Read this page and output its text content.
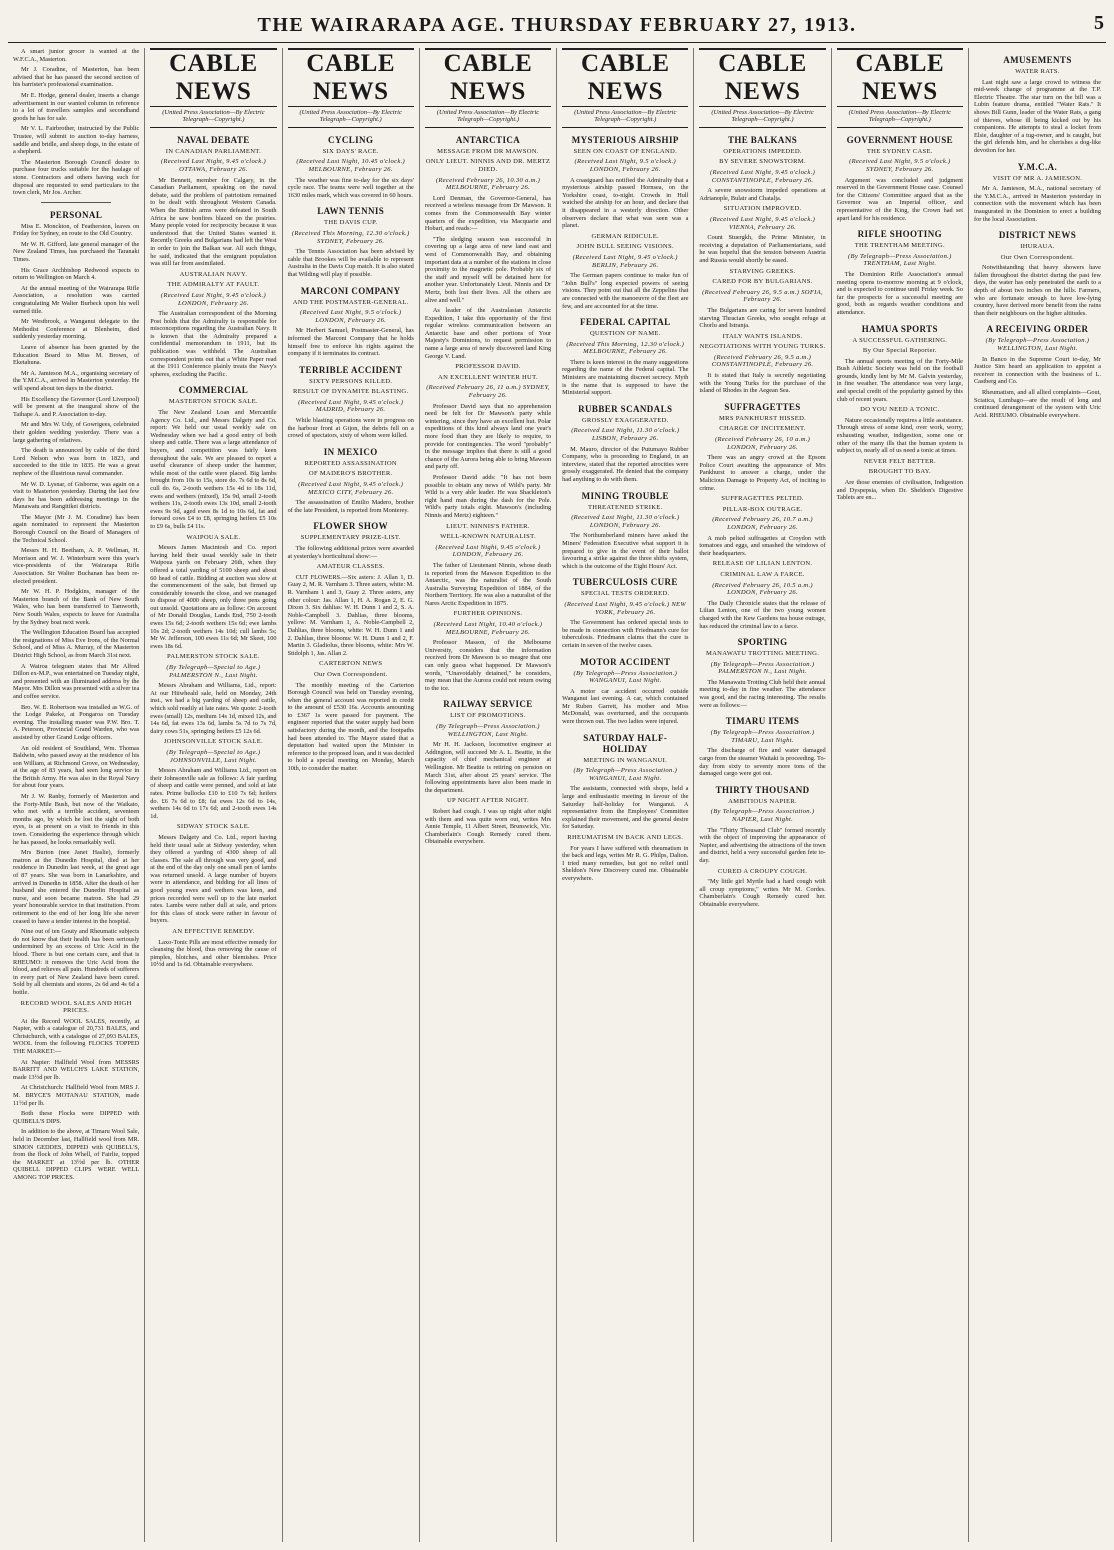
THE WAIRARAPA AGE. THURSDAY FEBRUARY 27, 1913.	5

A smart junior grocer is wanted at the W.F.C.A., Masterton.

Mr J. Coradine, of Masterton, has been advised that he has passed the second section of his barrister's professional examination.

Mr E. Hodge, general dealer, inserts a change advertisement in our wanted column in reference to a lot of travellers samples and secondhand goods he has for sale.

Mr V. L. Fairbrother, instructed by the Public Trustee, will submit to auction to-day harness, saddle and bridle, and sheep dogs, in the estate of a shepherd.

The Masterton Borough Council desire to purchase four trucks suitable for the haulage of stone. Contractors and others having such for disposal are requested to send particulars to the town clerk, Mr Jos. Archer.

PERSONAL

Miss E. Monckton, of Featherston, leaves on Friday for Sydney, en route to the Old Country.

Mr W. H. Gifford, late general manager of the New Zealand Times, has purchased the Taranaki Times.

His Grace Archbishop Redwood expects to return to Wellington on March 4.

At the annual meeting of the Wairarapa Rifle Association, a resolution was carried congratulating Mr Walter Burbeck upon his well earned title.

Mr Westbrook, a Wanganui delegate to the Methodist Conference at Blenheim, died suddenly yesterday morning.

Leave of absence has been granted by the Education Board to Miss M. Brown, of Eketahuna.

Mr A. Jamieson M.A., organising secretary of the Y.M.C.A., arrived in Masterton yesterday. He will spend about ten days in the district.

His Excellency the Governor (Lord Liverpool) will be present at the inaugural show of the Taihape A. and P. Association to-day.

Mr and Mrs W. Udy, of Gowrigees, celebrated their golden wedding yesterday. There was a large gathering of relatives.

The death is announced by cable of the third Lord Nelson who was born in 1823, and succeeded to the title in 1835. He was a great nephew of the illustrious naval commander.

Mr W. D. Lysnar, of Gisborne, was again on a visit to Masterton yesterday. During the last few days he has been addressing meetings in the Manawatu and Rangitikei districts.

The Mayor (Mr J. M. Coradine) has been again nominated to represent the Masterton Borough Council on the Board of Managers of the Technical School.

Messrs H. H. Beetham, A. P. Wellman, H. Morrison and W. J. Winterburn were this year's vice-presidents of the Wairarapa Rifle Association. Sir Walter Buchanan has been re-elected president.

Mr W. H. P. Hodgkins, manager of the Masterton branch of the Bank of New South Wales, who has been transferred to Tamworth, New South Wales, expects to leave for Australia by the Sydney boat next week.

The Wellington Education Board has accepted the resignations of Miss Eve Irons, of the Normal School, and of Miss A. Murray, of the Masterton District High School, as from March 31st next.

A Wairoa telegram states that Mr Alfred Dillon ex-M.P., was entertained on Tuesday night, and presented with an illuminated address by the Mayor. Mrs Dillon was presented with a silver tea and coffee service.

Bro. W. E. Robertson was installed as W.G. of the Lodge Pakeke, at Pongaroa on Tuesday evening. The installing master was P.W. Bro. T. A. Peterson, Provincial Grand Warden, who was assisted by other Grand Lodge officers.

An old resident of Southland, Wm. Thomas Baldwin, who passed away at the residence of his son William, at Richmond Grove, on Wednesday, at the age of 83 years, had seen long service in the British Army. He was also in the Royal Navy for about four years.

Mr J. W. Ranby, formerly of Masterton and the Forty-Mile Bush, but now of the Waikato, who met with a terrible accident, seventeen months ago, by which he lost the sight of both eyes, is at present on a visit to friends in this town. Considering the experience through which he has passed, he looks remarkably well.

Mrs Burton (nee Janet Haslie), formerly matron at the Dunedin Hospital, died at her residence in Dunedin last week, at the great age of 87 years. She was born in Lanarkshire, and arrived in Dunedin in 1858. After the death of her husband she entered the Dunedin Hospital as nurse, and soon became matron. She had 29 years' honourable service in that institution. From retirement to the end of her long life she never ceased to have a tender interest in the hospital.

Nine out of ten Gouty and Rheumatic subjects do not know that their health has been seriously undermined by an excess of Uric Acid in the blood. There is but one certain cure, and that is RHEUMO: it removes the Uric Acid from the blood, and relieves all pain. Hundreds of sufferers in every part of New Zealand have been cured. Sold by all chemists and stores, 2s 6d and 4s 6d a bottle.

RECORD WOOL SALES AND HIGH PRICES.

At the Record WOOL SALES, recently, at Napier, with a catalogue of 20,731 BALES, and Christchurch, with a catalogue of 27,093 BALES, WOOL from the following FLOCKS TOPPED THE MARKET:—

At Napier: Hallfield Wool from MESSRS BARRITT AND WELCH'S LAKE STATION, made 13½d per lb.

At Christchurch: Hallfield Wool from MRS J. M. BRYCE'S MOTANAU STATION, made 11½d per lb.

Both these Flocks were DIPPED with QUIBELL'S DIPS.

In addition to the above, at Timaru Wool Sale, held in December last, Hallfield wool from MR. SIMON GEDDES, DIPPED with QUIBELL'S, from the flock of John Whell, of Fairlie, topped the MARKET at 13½d per lb. OTHER QUIBELL DIPPED CLIPS WERE WELL AMONG TOP PRICES.

CABLE NEWS
(United Press Association—By Electric Telegraph—Copyright.)
NAVAL DEBATE
IN CANADIAN PARLIAMENT.
(Received Last Night, 9.45 o'clock.) OTTAWA, February 26.

Mr Bennett, member for Calgary, in the Canadian Parliament, speaking on the naval debate, said the problem of patriotism remained to be dealt with throughout Western Canada. When the British arms were defeated in South Africa he saw bonfires blazed on the prairies. Many people voted for reciprocity because it was understood that the United States wanted it. Recently Greeks and Bulgarians had left the West in order to join the Balkan war. All such things, he said, indicated that the emigrant population was still far from assimilated.

AUSTRALIAN NAVY.
THE ADMIRALTY AT FAULT.
(Received Last Night, 9.45 o'clock.) LONDON, February 26.

The Australian correspondent of the Morning Post holds that the Admiralty is responsible for misconceptions regarding the Australian Navy. It is known that the Admiralty prepared a confidential memorandum in 1911, but its publication was withheld. The Australian correspondent points out that a White Paper read at the 1911 Conference plainly treats the Navy's spheres, excluding the Pacific.

COMMERCIAL
MASTERTON STOCK SALE.

The New Zealand Loan and Mercantile Agency Co. Ltd., and Messrs Dalgety and Co. report: We held our usual weekly sale on Wednesday when we had a good entry of both sheep and cattle. There was a large attendance of buyers, and competition was fairly keen throughout the sale. We are pleased to report a useful clearance of sheep under the hammer, while most of the cattle were placed. Big lambs brought from 10s to 15s, store do. 7s 6d to 8s 6d, cull do. 6s, 2-tooth wethers 15s 4d to 18s 11d, ewes and wethers (mixed), 15s 9d, small 2-tooth wethers 11s, 2-tooth ewes 13s 10d, small 2-tooth ewes 9s 9d, aged ewes 8s 1d to 10s 6d, fat and forward cows £4 to £8, springing heifers £5 10s to £9 6s, bulls £4 11s.

WAIPOUA SALE.

Messrs James Macintosh and Co. report having held their usual weekly sale in their Waipoua yards on February 26th, when they offered a total yarding of 5100 sheep and about 60 head of cattle. Bidding at auction was slow at the commencement of the sale, but firmed up considerably towards the close, and we managed to dispose of 4000 sheep, only three pens going out unsold. Quotations are as follow: On account of Mr Donald Douglas, Lands End, 750 2-tooth ewes 15s 6d; 2-tooth wethers 15s 6d; ewe lambs 10s 2d; 2-tooth wethers 14s 10d; cull lambs 5s; Mr W. Jefferson, 100 ewes 11s 6d; Mr Skeet, 100 ewes 18s 6d.

PALMERSTON STOCK SALE.
(By Telegraph—Special to Age.) PALMERSTON N., Last Night.

Messrs Abraham and Williams, Ltd., report: At our Hiiwheald sale, held on Monday, 24th inst., we had a big yarding of sheep and cattle, which sold readily at late rates. We quote: 2-tooth ewes (small) 12s, medium 14s 1d, mixed 12s, and 14s 6d, fat ewes 13s 6d, lambs 5s 7d to 7s 7d, dairy cows 51s, springing heifers £5 12s 6d.

JOHNSONVILLE STOCK SALE.
(By Telegraph—Special to Age.) JOHNSONVILLE, Last Night.

Messrs Abraham and Williams Ltd., report on their Johnsonville sale as follows: A fair yarding of sheep and cattle were penned, and sold at late rates. Prime bullocks £10 to £10 7s 6d; heifers do. £6 7s 6d to £8; fat ewes 12s 6d to 14s, wethers 14s 6d to 17s 6d; and 2-tooth ewes 14s 1d.

SIDWAY STOCK SALE.

Messrs Dalgety and Co. Ltd., report having held their usual sale at Sidway yesterday, when they offered a yarding of 4300 sheep of all classes. The sale all through was very good, and at the end of the day only one small pen of lambs was returned unsold. A large number of buyers were in attendance, and bidding for all lines of good young ewes and wethers was keen, and prices recorded were well up to the late market rates. Lambs were rather dull at sale, and prices for this class of stock were rather in favour of buyers.

AN EFFECTIVE REMEDY.

Laxo-Tonic Pills are most effective remedy for cleansing the blood, thus removing the cause of pimples, blotches, and other blemishes. Price 10½d and 1s 6d. Obtainable everywhere.

CABLE NEWS
(United Press Association—By Electric Telegraph—Copyright.)
CYCLING
SIX DAYS' RACE.
(Received Last Night, 10.45 o'clock.) MELBOURNE, February 26.

The weather was fine to-day for the six days' cycle race. The teams were well together at the 1630 miles mark, which was covered in 60 hours.

LAWN TENNIS
THE DAVIS CUP.
(Received This Morning, 12.30 o'clock.) SYDNEY, February 26.

The Tennis Association has been advised by cable that Brookes will be available to represent Australia in the Davis Cup match. It is also stated that Wilding will play if possible.

MARCONI COMPANY
AND THE POSTMASTER-GENERAL.
(Received Last Night, 9.5 o'clock.) LONDON, February 26.

Mr Herbert Samuel, Postmaster-General, has informed the Marconi Company that he holds himself free to enforce his rights against the company if it terminates its contract.

TERRIBLE ACCIDENT
SIXTY PERSONS KILLED.
RESULT OF DYNAMITE BLASTING.
(Received Last Night, 9.45 o'clock.) MADRID, February 26.

While blasting operations were in progress on the harbour front at Gijon, the debris fell on a crowd of spectators, sixty of whom were killed.

IN MEXICO
REPORTED ASSASSINATION
OF MADERO'S BROTHER.
(Received Last Night, 9.45 o'clock.) MEXICO CITY, February 26.

The assassination of Emilio Madero, brother of the late President, is reported from Monterey.

FLOWER SHOW
SUPPLEMENTARY PRIZE-LIST.

The following additional prizes were awarded at yesterday's horticultural show:—

AMATEUR CLASSES.

CUT FLOWERS.—Six asters: J. Allan 1, D. Guay 2, M. R. Varnham 3. Three asters, white: M. R. Varnham 1 and 3, Guay 2. Three asters, any other colour: Jas. Allan 1, H. A. Rogan 2, E. G. Dixon 3. Six dahlias: W. H. Dunn 1 and 2, S. A. Noble-Campbell 3. Dahlias, three blooms, yellow: M. Varnham 1, A. Noble-Campbell 2, Dahlias, three blooms, white: W. H. Dunn 1 and 2. Dahlias, three blooms: W. H. Dunn 1 and 2, F. Martin 3. Gladiolus, three blooms, white: Mrs W. Stidolph 1, Jas. Allan 2.

CARTERTON NEWS
Our Own Correspondent.

The monthly meeting of the Carterton Borough Council was held on Tuesday evening, when the general account was reported in credit to the amount of £530 16s. Accounts amounting to £367 1s were passed for payment. The engineer reported that the water supply had been satisfactory during the month, and the footpaths had been attended to. The Mayor stated that a deputation had waited upon the Minister in reference to the proposed loan, and it was decided to hold a special meeting on Monday, March 10th, to consider the matter.

CABLE NEWS
(United Press Association—By Electric Telegraph—Copyright.)
ANTARCTICA
MESSAGE FROM DR MAWSON.
ONLY LIEUT. NINNIS AND DR. MERTZ DIED.
(Received February 26, 10.30 a.m.) MELBOURNE, February 26.

Lord Denman, the Governor-General, has received a wireless message from Dr Mawson. It comes from the Commonwealth Bay winter quarters of the expedition, via Macquarie and Hobart, and reads:—

"The sledging season was successful in covering up a large area of new land east and west of Commonwealth Bay, and obtaining important data at a number of the stations in close proximity to the magnetic pole. Probably six of the staff and myself will be detained here for another year. Unfortunately Lieut. Ninnis and Dr Mertz, both lost their lives. All the others are alive and well."

As leader of the Australasian Antarctic Expedition, I take this opportunity of the first regular wireless communication between an Antarctic base and other portions of Your Majesty's Dominions, to request permission to name a large area of newly discovered land King George V. Land.

PROFESSOR DAVID.
AN EXCELLENT WINTER HUT.
(Received February 26, 11 a.m.) SYDNEY, February 26.

Professor David says that no apprehension need be felt for Dr Mawson's party while wintering, since they have an excellent hut. Polar expeditions of this kind always land one year's more food than they are likely to require, to provide for contingencies. The word "probably" in the message implies that there is still a good chance of the Aurora being able to bring Mawson and party off.

Professor David adds: "It has not been possible to obtain any news of Wild's party. Mr Wild is a very able leader. He was Shackleton's right hand man during the dash for the Pole. Wild's party totals eight. Mawson's (including Ninnis and Mertz) eighteen."

LIEUT. NINNIS'S FATHER.
WELL-KNOWN NATURALIST.
(Received Last Night, 9.45 o'clock.) LONDON, February 26.

The father of Lieutenant Ninnis, whose death is reported from the Mawson Expedition to the Antarctic, was the naturalist of the South Australia Surveying Expedition of 1884, of the Northern Territory. He was also a naturalist of the Nares Arctic Expedition in 1875.

FURTHER OPINIONS.
(Received Last Night, 10.40 o'clock.) MELBOURNE, February 26.

Professor Masson, of the Melbourne University, considers that the information received from Dr Mawson is so meagre that one can only guess what happened. Dr Mawson's words, "Unavoidably detained," he considers, may mean that the Aurora could not return owing to the ice.

RAILWAY SERVICE
LIST OF PROMOTIONS.
(By Telegraph—Press Association.) WELLINGTON, Last Night.

Mr H. H. Jackson, locomotive engineer at Addington, will succeed Mr A. L. Beattie, in the capacity of chief mechanical engineer at Wellington. Mr Beattie is retiring on pension on March 31st, after about 25 years' service. The following appointments have also been made in the department.

UP NIGHT AFTER NIGHT.

Robert had cough. I was up night after night with them and was quite worn out, writes Mrs Annie Temple, 11 Albert Street, Brunswick, Vic. Chamberlain's Cough Remedy cured them. Obtainable everywhere.

CABLE NEWS
(United Press Association—By Electric Telegraph—Copyright.)
MYSTERIOUS AIRSHIP
SEEN ON COAST OF ENGLAND.
(Received Last Night, 9.5 o'clock.) LONDON, February 26.

A coastguard has notified the Admiralty that a mysterious airship passed Hornsea, on the Yorkshire coast, to-night. Crowds in Hull watched the airship for an hour, and declare that it disappeared in a westerly direction. Other observers declare that what was seen was a planet.

GERMAN RIDICULE.
JOHN BULL SEEING VISIONS.
(Received Last Night, 9.45 o'clock.) BERLIN, February 26.

The German papers continue to make fun of "John Bull's" long expected powers of seeing visions. They point out that all the Zeppelins that are connected with the manoeuvre of the fleet are few, and are accounted for at the time.

FEDERAL CAPITAL
QUESTION OF NAME.
(Received This Morning, 12.30 o'clock.) MELBOURNE, February 26.

There is keen interest in the many suggestions regarding the name of the Federal capital. The Ministers are maintaining discreet secrecy. Myth is the name that is supposed to have the Ministerial support.

RUBBER SCANDALS
GROSSLY EXAGGERATED.
(Received Last Night, 11.30 o'clock.) LISBON, February 26.

M. Mauro, director of the Putumayo Rubber Company, who is proceeding to England, in an interview, stated that the reported atrocities were grossly exaggerated. He denied that the company had anything to do with them.

MINING TROUBLE
THREATENED STRIKE.
(Received Last Night, 11.30 o'clock.) LONDON, February 26.

The Northumberland miners have asked the Miners' Federation Executive what support it is prepared to give in the event of their ballot favouring a strike against the three shifts system, which is the outcome of the Eight Hours' Act.

TUBERCULOSIS CURE
SPECIAL TESTS ORDERED.
(Received Last Night, 9.45 o'clock.) NEW YORK, February 26.

The Government has ordered special tests to be made in connection with Friedmann's cure for tuberculosis. Friedmann claims that the cure is certain in seven of the twelve cases.

MOTOR ACCIDENT
(By Telegraph—Press Association.) WANGANUI, Last Night.

A motor car accident occurred outside Wanganui last evening. A car, which contained Mr Ruben Garrett, his mother and Miss McDonald, was overturned, and the occupants were thrown out. The two ladies were injured.

SATURDAY HALF-HOLIDAY
MEETING IN WANGANUI.
(By Telegraph—Press Association.) WANGANUI, Last Night.

The assistants, connected with shops, held a large and enthusiastic meeting in favour of the Saturday half-holiday for Wanganui. A representative from the Employees' Committee explained their movement, and the general desire for Saturday.

RHEUMATISM IN BACK AND LEGS.

For years I have suffered with rheumatism in the back and legs, writes Mr R. G. Philps, Dalton. I tried many remedies, but got no relief until Sheldon's New Discovery cured me. Obtainable everywhere.

CABLE NEWS
(United Press Association—By Electric Telegraph—Copyright.)
THE BALKANS
OPERATIONS IMPEDED.
BY SEVERE SNOWSTORM.
(Received Last Night, 9.45 o'clock.) CONSTANTINOPLE, February 26.

A severe snowstorm impeded operations at Adrianople, Bulair and Chatalja.

SITUATION IMPROVED.
(Received Last Night, 9.45 o'clock.) VIENNA, February 26.

Count Stuergkh, the Prime Minister, in receiving a deputation of Parliamentarians, said he was hopeful that the tension between Austria and Russia would shortly be eased.

STARVING GREEKS.
CARED FOR BY BULGARIANS.
(Received February 26, 9.5 a.m.) SOFIA, February 26.

The Bulgarians are caring for seven hundred starving Thracian Greeks, who sought refuge at Chorlu and Istranja.

ITALY WANTS ISLANDS.
NEGOTIATIONS WITH YOUNG TURKS.
(Received February 26, 9.5 a.m.) CONSTANTINOPLE, February 26.

It is stated that Italy is secretly negotiating with the Young Turks for the purchase of the island of Rhodes in the Aegean Sea.

SUFFRAGETTES
MRS PANKHURST HISSED.
CHARGE OF INCITEMENT.
(Received February 26, 10 a.m.) LONDON, February 26.

There was an angry crowd at the Epsom Police Court awaiting the appearance of Mrs Pankhurst to answer a charge, under the Malicious Damage to Property Act, of inciting to crime.

SUFFRAGETTES PELTED.
PILLAR-BOX OUTRAGE.
(Received February 26, 10.7 a.m.) LONDON, February 26.

A mob pelted suffragettes at Croydon with tomatoes and eggs, and smashed the windows of their headquarters.

RELEASE OF LILIAN LENTON.
CRIMINAL LAW A FARCE.
(Received February 26, 10.5 a.m.) LONDON, February 26.

The Daily Chronicle states that the release of Lilian Lenton, one of the two young women charged with the Kew Gardens tea house outrage, has reduced the criminal law to a farce.

SPORTING
MANAWATU TROTTING MEETING.
(By Telegraph—Press Association.) PALMERSTON N., Last Night.

The Manawatu Trotting Club held their annual meeting to-day in fine weather. The attendance was good, and the racing interesting. The results were as follows:—

TIMARU ITEMS
(By Telegraph—Press Association.) TIMARU, Last Night.

The discharge of fire and water damaged cargo from the steamer Waitaki is proceeding. To-day from sixty to seventy more tons of the damaged cargo were got out.

THIRTY THOUSAND
AMBITIOUS NAPIER.
(By Telegraph—Press Association.) NAPIER, Last Night.

The "Thirty Thousand Club" formed recently with the object of improving the appearance of Napier, and advertising the attractions of the town and district, held a very successful garden fete to-day.

CURED A CROUPY COUGH.

"My little girl Myrtle had a hard cough with all croup symptoms," writes Mr M. Cordes. Chamberlain's Cough Remedy cured her. Obtainable everywhere.

CABLE NEWS
(United Press Association—By Electric Telegraph—Copyright.)
GOVERNMENT HOUSE
THE SYDNEY CASE.
(Received Last Night, 9.5 o'clock.) SYDNEY, February 26.

Argument was concluded and judgment reserved in the Government House case. Counsel for the Citizens' Committee argued that as the Governor was an Imperial officer, and representative of the King, the Crown had set apart land for his residence.

RIFLE SHOOTING
THE TRENTHAM MEETING.
(By Telegraph—Press Association.) TRENTHAM, Last Night.

The Dominion Rifle Association's annual meeting opens to-morrow morning at 9 o'clock, and is expected to continue until Friday week. So far the prospects for a successful meeting are good, both as regards weather conditions and attendance.

HAMUA SPORTS
A SUCCESSFUL GATHERING.
By Our Special Reporter.

The annual sports meeting of the Forty-Mile Bush Athletic Society was held on the football grounds, kindly lent by Mr M. Galvin yesterday, in fine weather. The attendance was very large, and special credit of the popularity gained by this club of recent years.

DO YOU NEED A TONIC.

Nature occasionally requires a little assistance. Through stress of some kind, over work, worry, exhausting weather, indigestion, some one or other of the many ills that the human system is subject to, nearly all of us need a tonic at times.

NEVER FELT BETTER.
BROUGHT TO BAY.

Are those enemies of civilisation, Indigestion and Dyspepsia, when Dr. Sheldon's Digestive Tablets are en...

AMUSEMENTS
WATER RATS.

Last night saw a large crowd to witness the mid-week change of programme at the T.P. Electric Theatre. The star turn on the bill was a Lubin feature drama, entitled "Water Rats." It shows Bill Gunn, leader of the Water Rats, a gang of thieves, whose ill being kicked out by his companions. He attempts to steal a locket from Elsie, daughter of a tug-owner, and is caught, but the girl defends him, and he cherishes a dog-like devotion for her.

Y.M.C.A.
VISIT OF MR A. JAMIESON.

Mr A. Jamieson, M.A., national secretary of the Y.M.C.A., arrived in Masterton yesterday in connection with the movement which has been inaugurated in the Dominion to erect a building for the local Association.

DISTRICT NEWS
IHURAUA.
Our Own Correspondent.

Notwithstanding that heavy showers have fallen throughout the district during the past few days, the water has only penetrated the earth to a depth of about two inches on the hills. Farmers, who are fortunate enough to have low-lying country, have derived more benefit from the rains than their neighbours on the higher altitudes.

A RECEIVING ORDER
(By Telegraph—Press Association.) WELLINGTON, Last Night.

In Banco in the Supreme Court to-day, Mr Justice Sim heard an application to appoint a receiver in connection with the business of L. Castberg and Co.

Rheumatism, and all allied complaints—Gout, Sciatica, Lumbago—are the result of long and continued derangement of the system with Uric Acid. RHEUMO. Obtainable everywhere.
